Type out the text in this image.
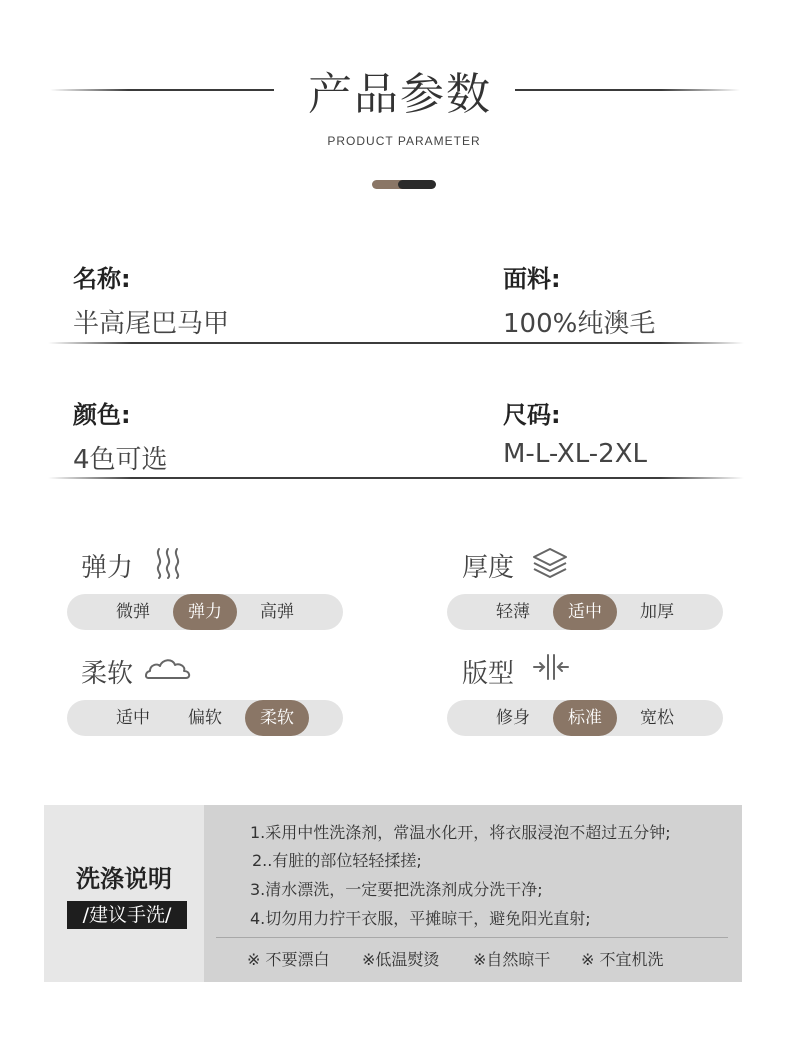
产品参数
PRODUCT PARAMETER
名称:
半高尾巴马甲
面料:
100%纯澳毛
颜色:
4色可选
尺码:
M-L-XL-2XL
弹力
微弹	弹力	高弹
厚度
轻薄	适中	加厚
柔软
适中	偏软	柔软
版型
修身	标准	宽松
洗涤说明
/建议手洗/
1.采用中性洗涤剂，常温水化开，将衣服浸泡不超过五分钟;
2..有脏的部位轻轻揉搓;
3.清水漂洗，一定要把洗涤剂成分洗干净;
4.切勿用力拧干衣服，平摊晾干，避免阳光直射;
※ 不要漂白 ※低温熨烫 ※自然晾干 ※ 不宜机洗
